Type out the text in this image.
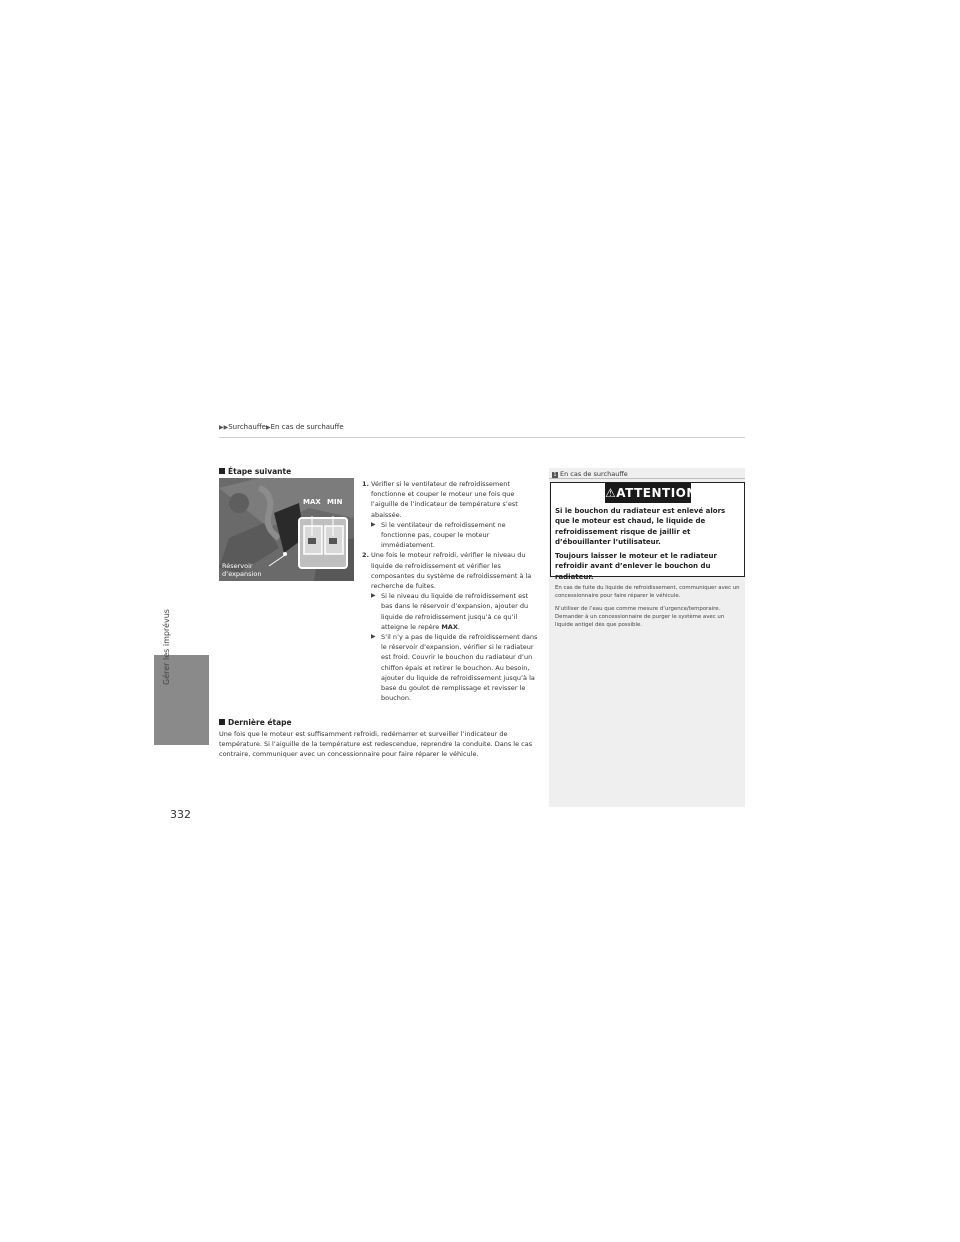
▶▶Surchauffe▶En cas de surchauffe
Gérer les imprévus
332
Étape suivante
MAX MIN
Réservoir
d’expansion
1. Vérifier si le ventilateur de refroidissement fonctionne et couper le moteur une fois que l’aiguille de l’indicateur de température s’est abaissée.
▶ Si le ventilateur de refroidissement ne fonctionne pas, couper le moteur immédiatement.
2. Une fois le moteur refroidi, vérifier le niveau du liquide de refroidissement et vérifier les composantes du système de refroidissement à la recherche de fuites.
▶ Si le niveau du liquide de refroidissement est bas dans le réservoir d’expansion, ajouter du liquide de refroidissement jusqu’à ce qu’il atteigne le repère MAX.
▶ S’il n’y a pas de liquide de refroidissement dans le réservoir d’expansion, vérifier si le radiateur est froid. Couvrir le bouchon du radiateur d’un chiffon épais et retirer le bouchon. Au besoin, ajouter du liquide de refroidissement jusqu’à la base du goulot de remplissage et revisser le bouchon.
Dernière étape
Une fois que le moteur est suffisamment refroidi, redémarrer et surveiller l’indicateur de température. Si l’aiguille de la température est redescendue, reprendre la conduite. Dans le cas contraire, communiquer avec un concessionnaire pour faire réparer le véhicule.
1 En cas de surchauffe
⚠ATTENTION

Si le bouchon du radiateur est enlevé alors que le moteur est chaud, le liquide de refroidissement risque de jaillir et d’ébouillanter l’utilisateur.

Toujours laisser le moteur et le radiateur refroidir avant d’enlever le bouchon du radiateur.

En cas de fuite du liquide de refroidissement, communiquer avec un concessionnaire pour faire réparer le véhicule.

N’utiliser de l’eau que comme mesure d’urgence/temporaire. Demander à un concessionnaire de purger le système avec un liquide antigel dès que possible.
